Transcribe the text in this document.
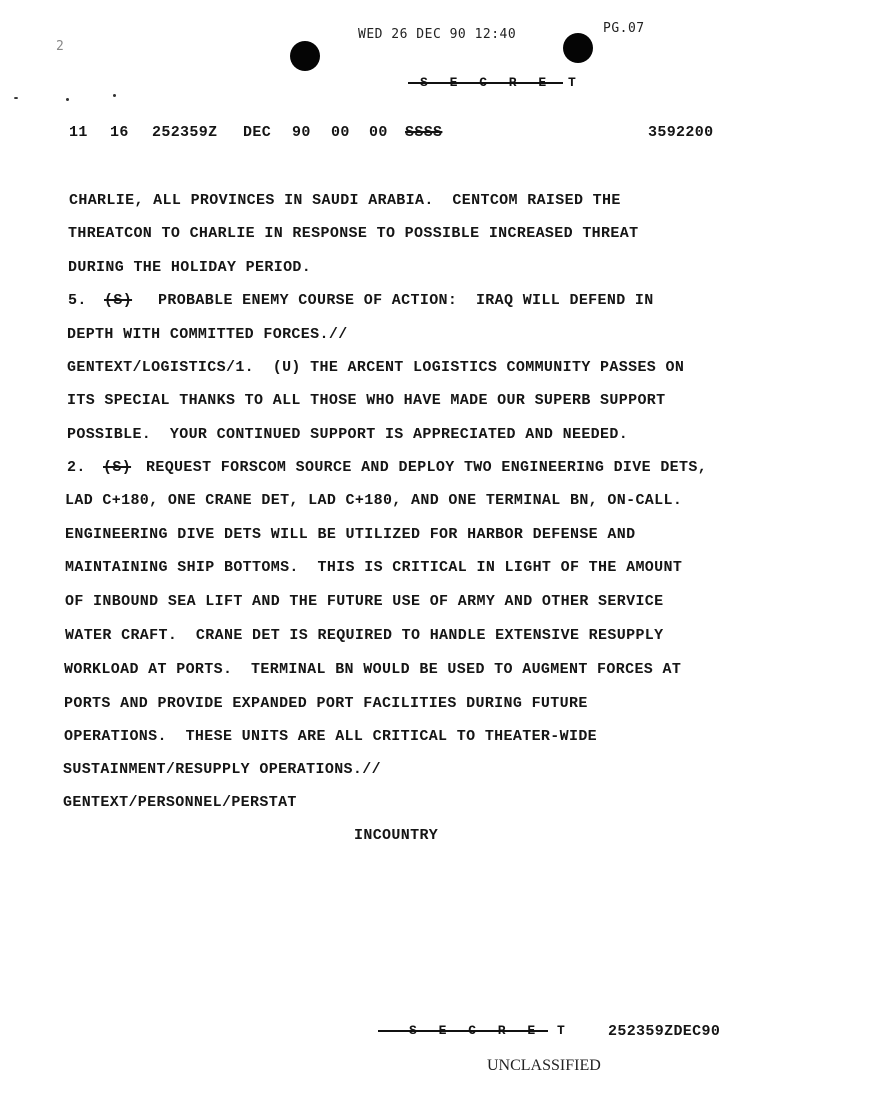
2
WED 26 DEC 90 12:40	PG.07
S E C R E T
11 16 252359Z DEC 90 00 00 SSSS	3592200
CHARLIE, ALL PROVINCES IN SAUDI ARABIA.  CENTCOM RAISED THE
THREATCON TO CHARLIE IN RESPONSE TO POSSIBLE INCREASED THREAT
DURING THE HOLIDAY PERIOD.
5. (S) PROBABLE ENEMY COURSE OF ACTION:  IRAQ WILL DEFEND IN
DEPTH WITH COMMITTED FORCES.//
GENTEXT/LOGISTICS/1.  (U) THE ARCENT LOGISTICS COMMUNITY PASSES ON
ITS SPECIAL THANKS TO ALL THOSE WHO HAVE MADE OUR SUPERB SUPPORT
POSSIBLE.  YOUR CONTINUED SUPPORT IS APPRECIATED AND NEEDED.
2. (S) REQUEST FORSCOM SOURCE AND DEPLOY TWO ENGINEERING DIVE DETS,
LAD C+180, ONE CRANE DET, LAD C+180, AND ONE TERMINAL BN, ON-CALL.
ENGINEERING DIVE DETS WILL BE UTILIZED FOR HARBOR DEFENSE AND
MAINTAINING SHIP BOTTOMS.  THIS IS CRITICAL IN LIGHT OF THE AMOUNT
OF INBOUND SEA LIFT AND THE FUTURE USE OF ARMY AND OTHER SERVICE
WATER CRAFT.  CRANE DET IS REQUIRED TO HANDLE EXTENSIVE RESUPPLY
WORKLOAD AT PORTS.  TERMINAL BN WOULD BE USED TO AUGMENT FORCES AT
PORTS AND PROVIDE EXPANDED PORT FACILITIES DURING FUTURE
OPERATIONS.  THESE UNITS ARE ALL CRITICAL TO THEATER-WIDE
SUSTAINMENT/RESUPPLY OPERATIONS.//
GENTEXT/PERSONNEL/PERSTAT
INCOUNTRY
S E C R E T 252359ZDEC90
UNCLASSIFIED
